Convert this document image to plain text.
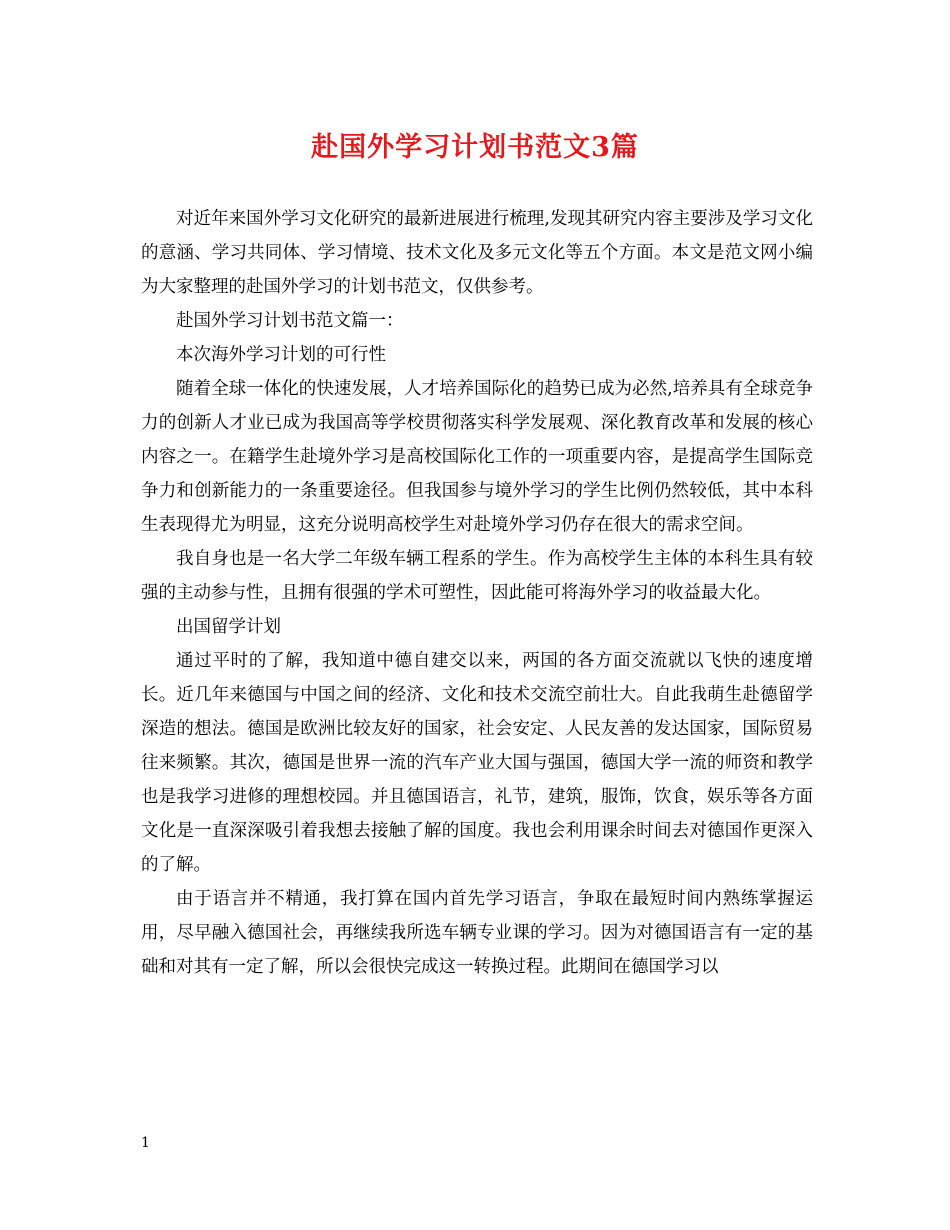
赴国外学习计划书范文3篇

对近年来国外学习文化研究的最新进展进行梳理,发现其研究内容主要涉及学习文化的意涵、学习共同体、学习情境、技术文化及多元文化等五个方面。本文是范文网小编为大家整理的赴国外学习的计划书范文，仅供参考。

赴国外学习计划书范文篇一：

本次海外学习计划的可行性

随着全球一体化的快速发展，人才培养国际化的趋势已成为必然,培养具有全球竞争力的创新人才业已成为我国高等学校贯彻落实科学发展观、深化教育改革和发展的核心内容之一。在籍学生赴境外学习是高校国际化工作的一项重要内容，是提高学生国际竞争力和创新能力的一条重要途径。但我国参与境外学习的学生比例仍然较低，其中本科生表现得尤为明显，这充分说明高校学生对赴境外学习仍存在很大的需求空间。

我自身也是一名大学二年级车辆工程系的学生。作为高校学生主体的本科生具有较强的主动参与性，且拥有很强的学术可塑性，因此能可将海外学习的收益最大化。

出国留学计划

通过平时的了解，我知道中德自建交以来，两国的各方面交流就以飞快的速度增长。近几年来德国与中国之间的经济、文化和技术交流空前壮大。自此我萌生赴德留学深造的想法。德国是欧洲比较友好的国家，社会安定、人民友善的发达国家，国际贸易往来频繁。其次，德国是世界一流的汽车产业大国与强国，德国大学一流的师资和教学也是我学习进修的理想校园。并且德国语言，礼节，建筑，服饰，饮食，娱乐等各方面文化是一直深深吸引着我想去接触了解的国度。我也会利用课余时间去对德国作更深入的了解。

由于语言并不精通，我打算在国内首先学习语言，争取在最短时间内熟练掌握运用，尽早融入德国社会，再继续我所选车辆专业课的学习。因为对德国语言有一定的基础和对其有一定了解，所以会很快完成这一转换过程。此期间在德国学习以

1
